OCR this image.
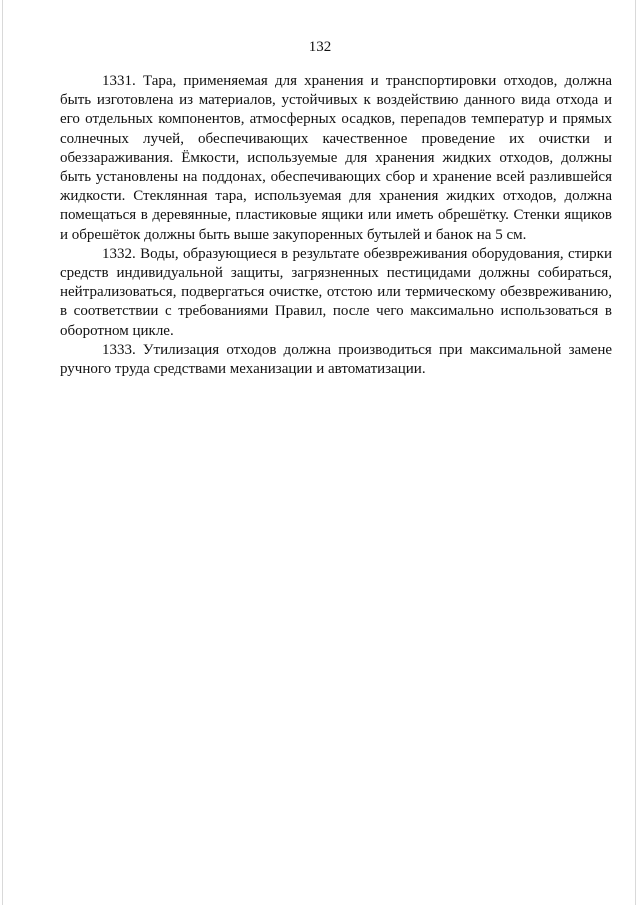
132

1331. Тара, применяемая для хранения и транспортировки отходов, должна быть изготовлена из материалов, устойчивых к воздействию данного вида отхода и его отдельных компонентов, атмосферных осадков, перепадов температур и прямых солнечных лучей, обеспечивающих качественное проведение их очистки и обеззараживания. Ёмкости, используемые для хранения жидких отходов, должны быть установлены на поддонах, обеспечивающих сбор и хранение всей разлившейся жидкости. Стеклянная тара, используемая для хранения жидких отходов, должна помещаться в деревянные, пластиковые ящики или иметь обрешётку. Стенки ящиков и обрешёток должны быть выше закупоренных бутылей и банок на 5 см.

1332. Воды, образующиеся в результате обезвреживания оборудования, стирки средств индивидуальной защиты, загрязненных пестицидами должны собираться, нейтрализоваться, подвергаться очистке, отстою или термическому обезвреживанию, в соответствии с требованиями Правил, после чего максимально использоваться в оборотном цикле.

1333. Утилизация отходов должна производиться при максимальной замене ручного труда средствами механизации и автоматизации.
